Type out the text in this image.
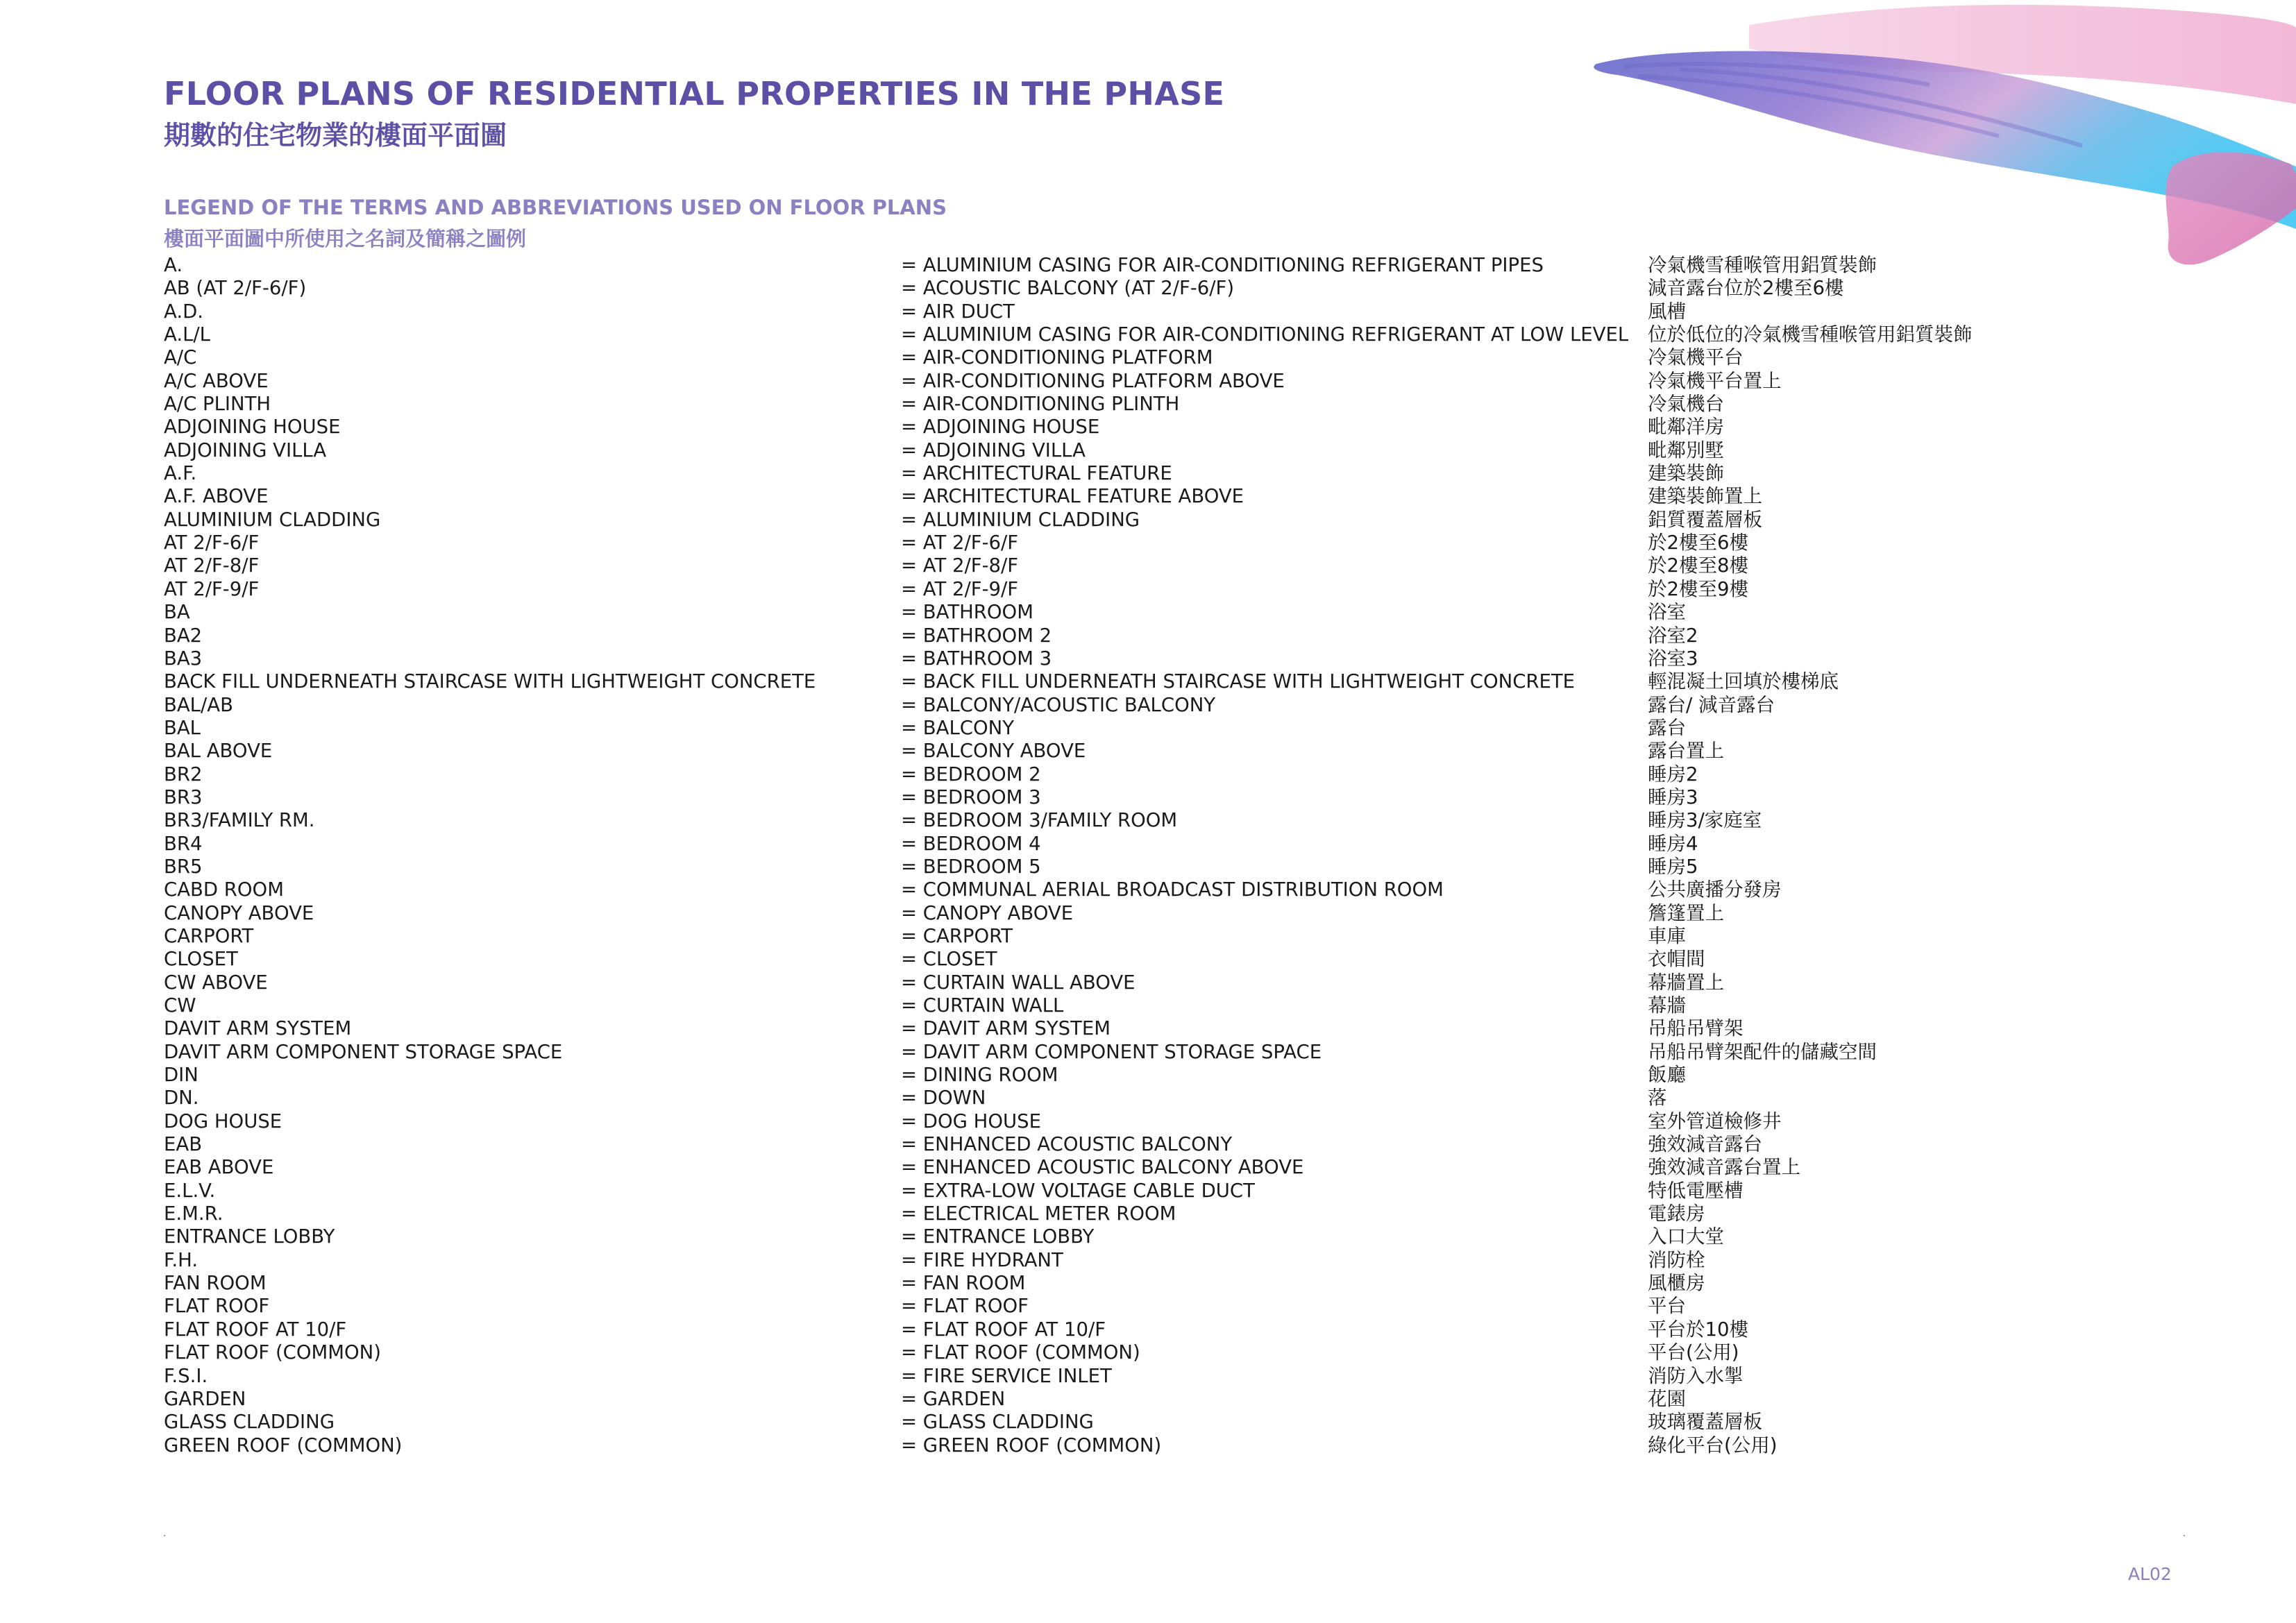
FLOOR PLANS OF RESIDENTIAL PROPERTIES IN THE PHASE
期數的住宅物業的樓面平面圖
LEGEND OF THE TERMS AND ABBREVIATIONS USED ON FLOOR PLANS
樓面平面圖中所使用之名詞及簡稱之圖例
A.	= ALUMINIUM CASING FOR AIR-CONDITIONING REFRIGERANT PIPES	冷氣機雪種喉管用鋁質裝飾
AB (AT 2/F-6/F)	= ACOUSTIC BALCONY (AT 2/F-6/F)	減音露台位於2樓至6樓
A.D.	= AIR DUCT	風槽
A.L/L	= ALUMINIUM CASING FOR AIR-CONDITIONING REFRIGERANT AT LOW LEVEL	位於低位的冷氣機雪種喉管用鋁質裝飾
A/C	= AIR-CONDITIONING PLATFORM	冷氣機平台
A/C ABOVE	= AIR-CONDITIONING PLATFORM ABOVE	冷氣機平台置上
A/C PLINTH	= AIR-CONDITIONING PLINTH	冷氣機台
ADJOINING HOUSE	= ADJOINING HOUSE	毗鄰洋房
ADJOINING VILLA	= ADJOINING VILLA	毗鄰別墅
A.F.	= ARCHITECTURAL FEATURE	建築裝飾
A.F. ABOVE	= ARCHITECTURAL FEATURE ABOVE	建築裝飾置上
ALUMINIUM CLADDING	= ALUMINIUM CLADDING	鋁質覆蓋層板
AT 2/F-6/F	= AT 2/F-6/F	於2樓至6樓
AT 2/F-8/F	= AT 2/F-8/F	於2樓至8樓
AT 2/F-9/F	= AT 2/F-9/F	於2樓至9樓
BA	= BATHROOM	浴室
BA2	= BATHROOM 2	浴室2
BA3	= BATHROOM 3	浴室3
BACK FILL UNDERNEATH STAIRCASE WITH LIGHTWEIGHT CONCRETE	= BACK FILL UNDERNEATH STAIRCASE WITH LIGHTWEIGHT CONCRETE	輕混凝土回填於樓梯底
BAL/AB	= BALCONY/ACOUSTIC BALCONY	露台/ 減音露台
BAL	= BALCONY	露台
BAL ABOVE	= BALCONY ABOVE	露台置上
BR2	= BEDROOM 2	睡房2
BR3	= BEDROOM 3	睡房3
BR3/FAMILY RM.	= BEDROOM 3/FAMILY ROOM	睡房3/家庭室
BR4	= BEDROOM 4	睡房4
BR5	= BEDROOM 5	睡房5
CABD ROOM	= COMMUNAL AERIAL BROADCAST DISTRIBUTION ROOM	公共廣播分發房
CANOPY ABOVE	= CANOPY ABOVE	簷篷置上
CARPORT	= CARPORT	車庫
CLOSET	= CLOSET	衣帽間
CW ABOVE	= CURTAIN WALL ABOVE	幕牆置上
CW	= CURTAIN WALL	幕牆
DAVIT ARM SYSTEM	= DAVIT ARM SYSTEM	吊船吊臂架
DAVIT ARM COMPONENT STORAGE SPACE	= DAVIT ARM COMPONENT STORAGE SPACE	吊船吊臂架配件的儲藏空間
DIN	= DINING ROOM	飯廳
DN.	= DOWN	落
DOG HOUSE	= DOG HOUSE	室外管道檢修井
EAB	= ENHANCED ACOUSTIC BALCONY	強效減音露台
EAB ABOVE	= ENHANCED ACOUSTIC BALCONY ABOVE	強效減音露台置上
E.L.V.	= EXTRA-LOW VOLTAGE CABLE DUCT	特低電壓槽
E.M.R.	= ELECTRICAL METER ROOM	電錶房
ENTRANCE LOBBY	= ENTRANCE LOBBY	入口大堂
F.H.	= FIRE HYDRANT	消防栓
FAN ROOM	= FAN ROOM	風櫃房
FLAT ROOF	= FLAT ROOF	平台
FLAT ROOF AT 10/F	= FLAT ROOF AT 10/F	平台於10樓
FLAT ROOF (COMMON)	= FLAT ROOF (COMMON)	平台(公用)
F.S.I.	= FIRE SERVICE INLET	消防入水掣
GARDEN	= GARDEN	花園
GLASS CLADDING	= GLASS CLADDING	玻璃覆蓋層板
GREEN ROOF (COMMON)	= GREEN ROOF (COMMON)	綠化平台(公用)
AL02
